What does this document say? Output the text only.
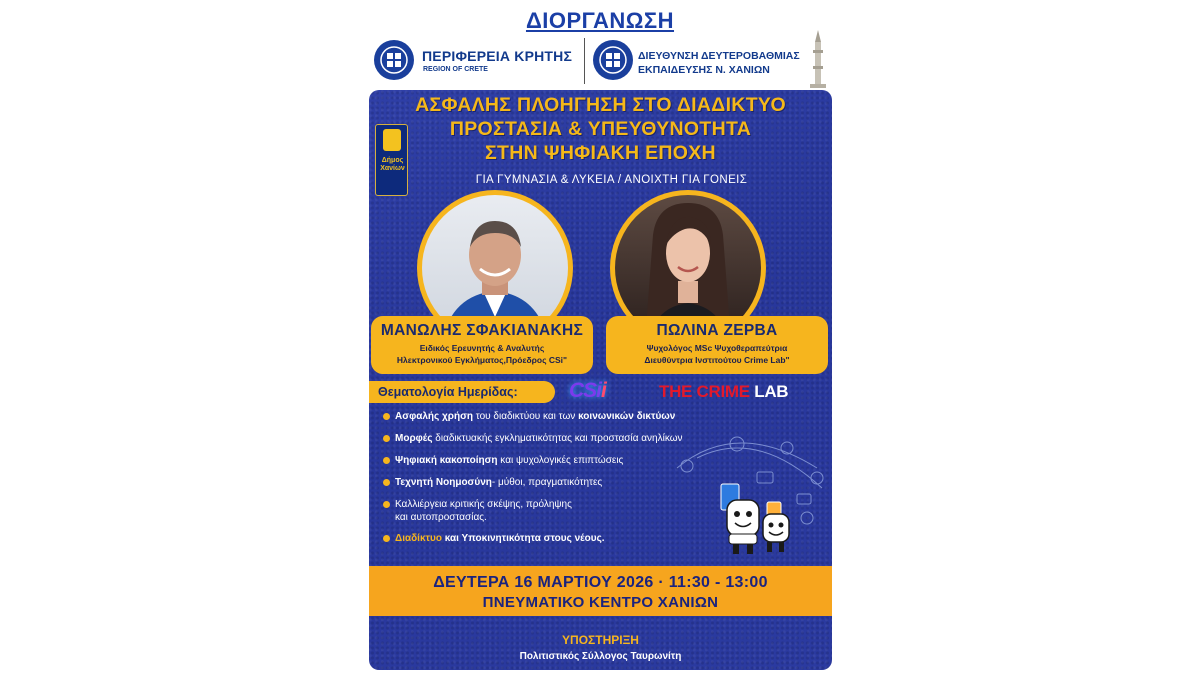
ΔΙΟΡΓΑΝΩΣΗ
ΠΕΡΙΦΕΡΕΙΑ ΚΡΗΤΗΣ
REGION OF CRETE
ΔΙΕΥΘΥΝΣΗ ΔΕΥΤΕΡΟΒΑΘΜΙΑΣ
ΕΚΠΑΙΔΕΥΣΗΣ Ν. ΧΑΝΙΩΝ
Δήμος
Χανίων
ΑΣΦΑΛΗΣ ΠΛΟΗΓΗΣΗ ΣΤΟ ΔΙΑΔΙΚΤΥΟ
ΠΡΟΣΤΑΣΙΑ & ΥΠΕΥΘΥΝΟΤΗΤΑ
ΣΤΗΝ ΨΗΦΙΑΚΗ ΕΠΟΧΗ
ΓΙΑ ΓΥΜΝΑΣΙΑ & ΛΥΚΕΙΑ / ΑΝΟΙΧΤΗ ΓΙΑ ΓΟΝΕΙΣ
ΜΑΝΩΛΗΣ ΣΦΑΚΙΑΝΑΚΗΣ
Ειδικός Ερευνητής & Αναλυτής
Ηλεκτρονικού Εγκλήματος,Πρόεδρος CSi"
ΠΩΛΙΝΑ ΖΕΡΒΑ
Ψυχολόγος MSc Ψυχοθεραπεύτρια
Διευθύντρια Ινστιτούτου Crime Lab"
Θεματολογία Ημερίδας: CSi i	THE CRIME LAB
Ασφαλής χρήση του διαδικτύου και των κοινωνικών δικτύων
Μορφές διαδικτυακής εγκληματικότητας και προστασία ανηλίκων
Ψηφιακή κακοποίηση και ψυχολογικές επιπτώσεις
Τεχνητή Νοημοσύνη- μύθοι, πραγματικότητες
Καλλιέργεια κριτικής σκέψης, πρόληψης
και αυτοπροστασίας.
Διαδίκτυο και Υποκινητικότητα στους νέους.
ΔΕΥΤΕΡΑ 16 ΜΑΡΤΙΟΥ 2026 · 11:30 - 13:00
ΠΝΕΥΜΑΤΙΚΟ ΚΕΝΤΡΟ ΧΑΝΙΩΝ
ΥΠΟΣΤΗΡΙΞΗ
Πολιτιστικός Σύλλογος Ταυρωνίτη
